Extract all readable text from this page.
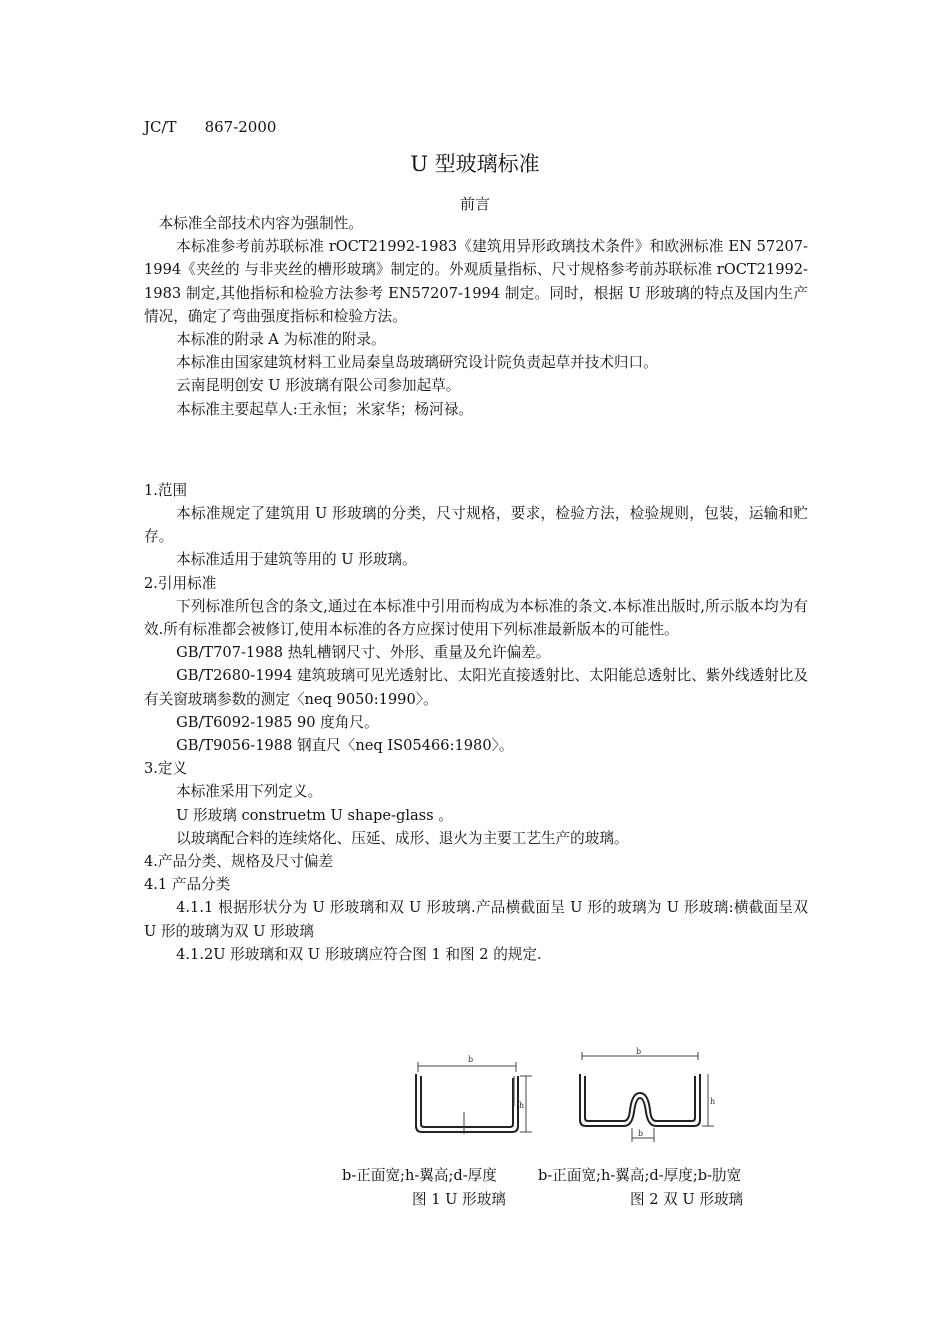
JC/T 867-2000
U 型玻璃标准
前言

本标准全部技术内容为强制性。

本标准参考前苏联标准 rOCT21992-1983《建筑用异形政璃技术条件》和欧洲标准 EN 57207-1994《夹丝的 与非夹丝的槽形玻璃》制定的。外观质量指标、尺寸规格参考前苏联标准 rOCT21992-1983 制定,其他指标和检验方法参考 EN57207-1994 制定。同时，根据 U 形玻璃的特点及国内生产情况，确定了弯曲强度指标和检验方法。

本标准的附录 A 为标准的附录。

本标准由国家建筑材料工业局秦皇岛玻璃研究设计院负责起草并技术归口。

云南昆明创安 U 形波璃有限公司参加起草。

本标准主要起草人:王永恒；米家华；杨河禄。

1.范围

本标准规定了建筑用 U 形玻璃的分类，尺寸规格，要求，检验方法，检验规则，包装，运输和贮存。

本标准适用于建筑等用的 U 形玻璃。

2.引用标准

下列标准所包含的条文,通过在本标准中引用而构成为本标准的条文.本标准出版时,所示版本均为有效.所有标准都会被修订,使用本标准的各方应探讨使用下列标准最新版本的可能性。

GB/T707-1988 热轧槽钢尺寸、外形、重量及允许偏差。

GB/T2680-1994 建筑玻璃可见光透射比、太阳光直接透射比、太阳能总透射比、紫外线透射比及有关窗玻璃参数的测定〈neq 9050:1990〉。

GB/T6092-1985 90 度角尺。

GB/T9056-1988 钢直尺〈neq IS05466:1980〉。

3.定义

本标准采用下列定义。

U 形玻璃 construetm U shape-glass 。

以玻璃配合料的连续烙化、压延、成形、退火为主要工艺生产的玻璃。

4.产品分类、规格及尺寸偏差

4.1 产品分类

4.1.1 根据形状分为 U 形玻璃和双 U 形玻璃.产品横截面呈 U 形的玻璃为 U 形玻璃:横截面呈双 U 形的玻璃为双 U 形玻璃

4.1.2U 形玻璃和双 U 形玻璃应符合图 1 和图 2 的规定.

b
h
b
h
b
b-正面宽;h-翼高;d-厚度	b-正面宽;h-翼高;d-厚度;b-肋宽
图 1 U 形玻璃	图 2 双 U 形玻璃
